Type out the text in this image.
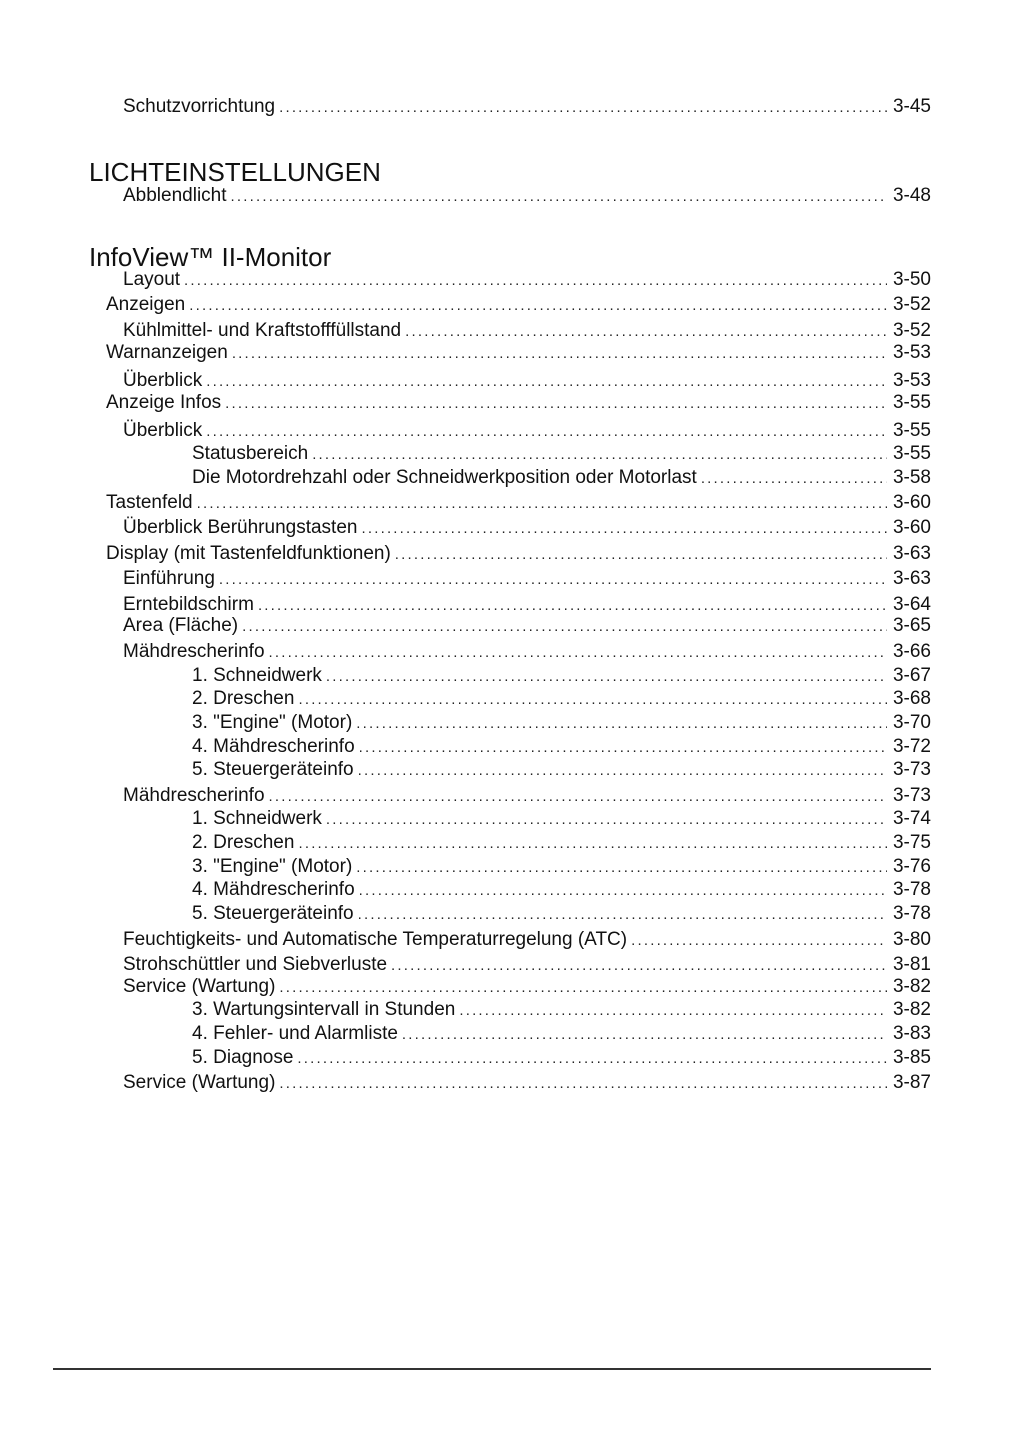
LICHTEINSTELLUNGEN
InfoView™ II-Monitor
Schutzvorrichtung .....	3-45
Abblendlicht .....	3-48
Layout .....	3-50
Anzeigen .....	3-52
Kühlmittel- und Kraftstofffüllstand .....	3-52
Warnanzeigen .....	3-53
Überblick .....	3-53
Anzeige Infos .....	3-55
Überblick .....	3-55
Statusbereich .....	3-55
Die Motordrehzahl oder Schneidwerkposition oder Motorlast .....	3-58
Tastenfeld .....	3-60
Überblick Berührungstasten .....	3-60
Display (mit Tastenfeldfunktionen) .....	3-63
Einführung .....	3-63
Erntebildschirm .....	3-64
Area (Fläche) .....	3-65
Mähdrescherinfo .....	3-66
1. Schneidwerk .....	3-67
2. Dreschen .....	3-68
3. "Engine" (Motor) .....	3-70
4. Mähdrescherinfo .....	3-72
5. Steuergeräteinfo .....	3-73
Mähdrescherinfo .....	3-73
1. Schneidwerk .....	3-74
2. Dreschen .....	3-75
3. "Engine" (Motor) .....	3-76
4. Mähdrescherinfo .....	3-78
5. Steuergeräteinfo .....	3-78
Feuchtigkeits- und Automatische Temperaturregelung (ATC) .....	3-80
Strohschüttler und Siebverluste .....	3-81
Service (Wartung) .....	3-82
3. Wartungsintervall in Stunden .....	3-82
4. Fehler- und Alarmliste .....	3-83
5. Diagnose .....	3-85
Service (Wartung) .....	3-87
